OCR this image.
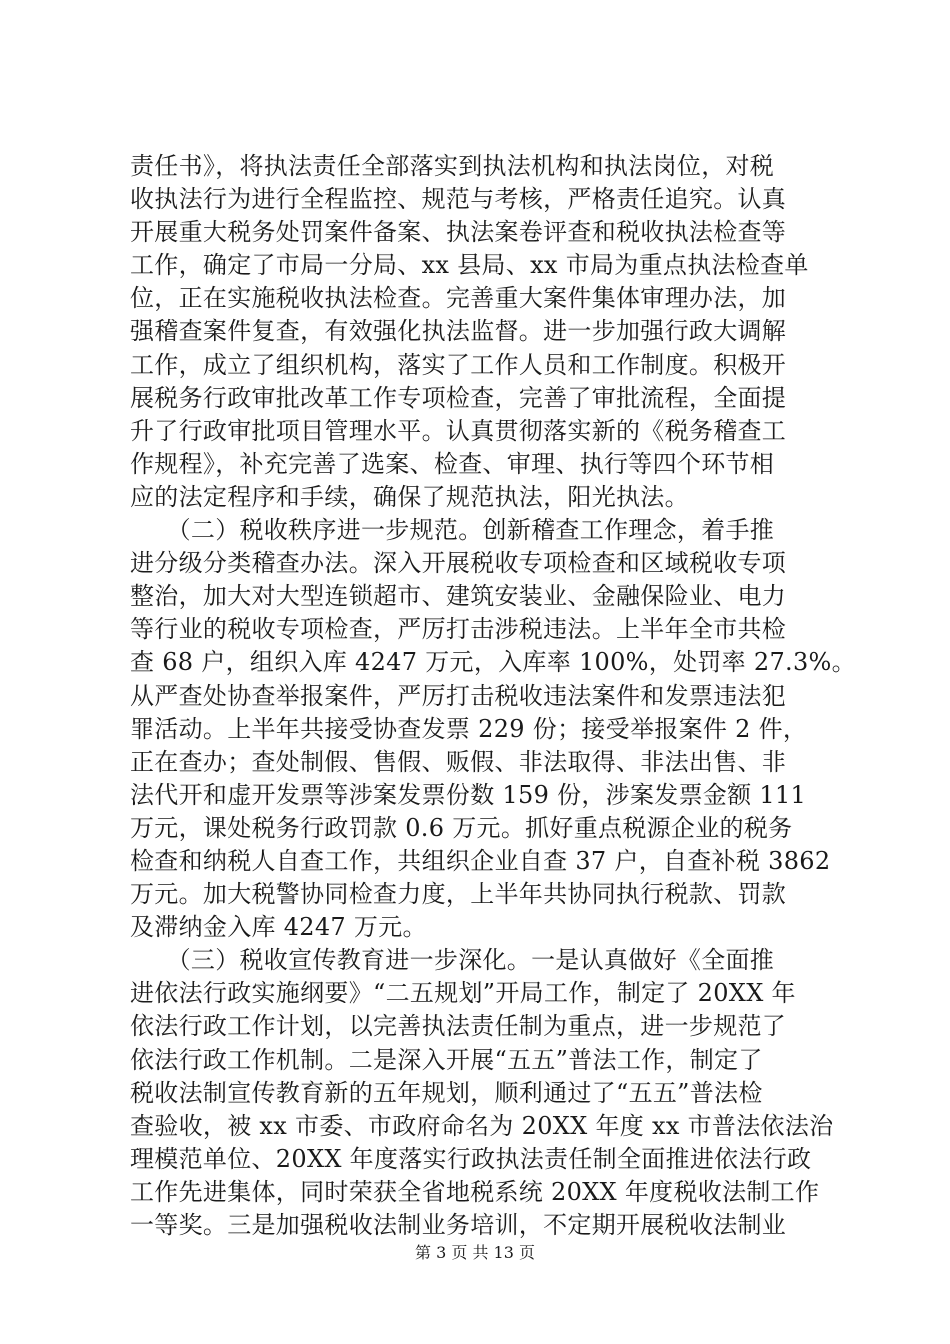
责任书》，将执法责任全部落实到执法机构和执法岗位，对税
收执法行为进行全程监控、规范与考核，严格责任追究。认真
开展重大税务处罚案件备案、执法案卷评查和税收执法检查等
工作，确定了市局一分局、xx 县局、xx 市局为重点执法检查单
位，正在实施税收执法检查。完善重大案件集体审理办法，加
强稽查案件复查，有效强化执法监督。进一步加强行政大调解
工作，成立了组织机构，落实了工作人员和工作制度。积极开
展税务行政审批改革工作专项检查，完善了审批流程，全面提
升了行政审批项目管理水平。认真贯彻落实新的《税务稽查工
作规程》，补充完善了选案、检查、审理、执行等四个环节相
应的法定程序和手续，确保了规范执法，阳光执法。
　　（二）税收秩序进一步规范。创新稽查工作理念，着手推
进分级分类稽查办法。深入开展税收专项检查和区域税收专项
整治，加大对大型连锁超市、建筑安装业、金融保险业、电力
等行业的税收专项检查，严厉打击涉税违法。上半年全市共检
查 68 户，组织入库 4247 万元，入库率 100%，处罚率 27.3%。
从严查处协查举报案件，严厉打击税收违法案件和发票违法犯
罪活动。上半年共接受协查发票 229 份；接受举报案件 2 件，
正在查办；查处制假、售假、贩假、非法取得、非法出售、非
法代开和虚开发票等涉案发票份数 159 份，涉案发票金额 111
万元，课处税务行政罚款 0.6 万元。抓好重点税源企业的税务
检查和纳税人自查工作，共组织企业自查 37 户，自查补税 3862
万元。加大税警协同检查力度，上半年共协同执行税款、罚款
及滞纳金入库 4247 万元。
　　（三）税收宣传教育进一步深化。一是认真做好《全面推
进依法行政实施纲要》“二五规划”开局工作，制定了 20XX 年
依法行政工作计划，以完善执法责任制为重点，进一步规范了
依法行政工作机制。二是深入开展“五五”普法工作，制定了
税收法制宣传教育新的五年规划，顺利通过了“五五”普法检
查验收，被 xx 市委、市政府命名为 20XX 年度 xx 市普法依法治
理模范单位、20XX 年度落实行政执法责任制全面推进依法行政
工作先进集体，同时荣获全省地税系统 20XX 年度税收法制工作
一等奖。三是加强税收法制业务培训，不定期开展税收法制业
第 3 页 共 13 页
